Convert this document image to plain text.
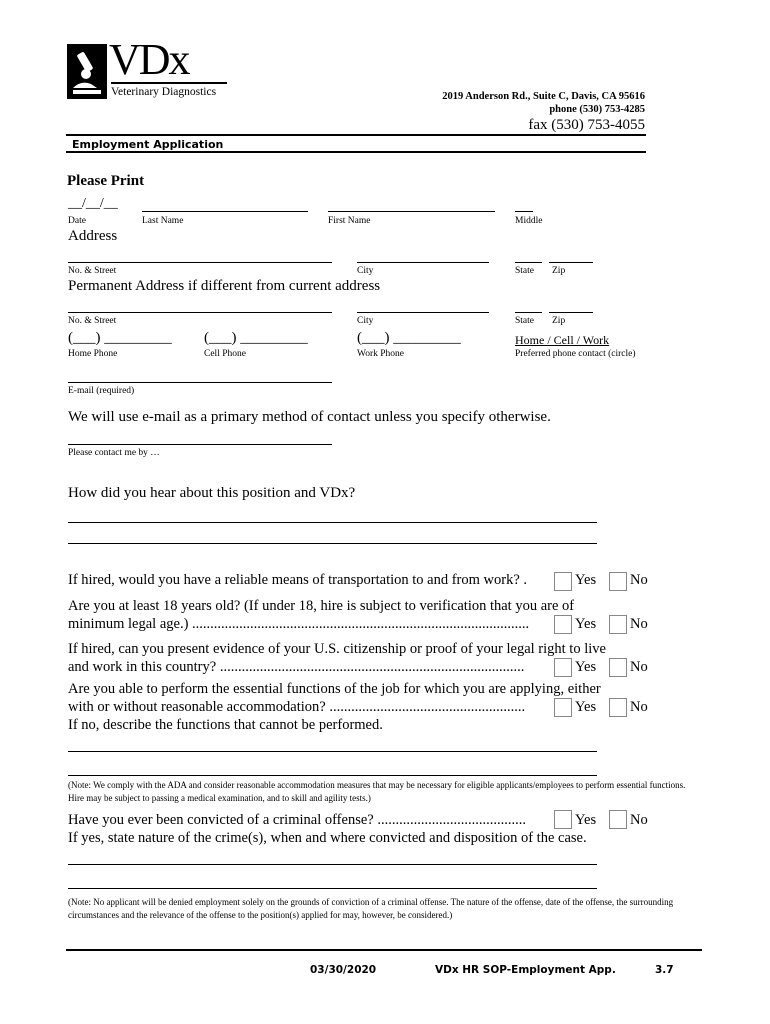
VDx
Veterinary Diagnostics	2019 Anderson Rd., Suite C, Davis, CA 95616
phone (530) 753-4285
fax (530) 753-4055
Employment Application
Please Print
__/__/__
Date	Last Name	First Name	Middle
Address
No. & Street	City	State Zip
Permanent Address if different from current address
No. & Street	City	State Zip
(___) _________ (___) _________	(___) _________	Home / Cell / Work
Home Phone	Cell Phone	Work Phone	Preferred phone contact (circle)
E-mail (required)
We will use e-mail as a primary method of contact unless you specify otherwise.
Please contact me by …
How did you hear about this position and VDx?
If hired, would you have a reliable means of transportation to and from work? .	Yes No
Are you at least 18 years old? (If under 18, hire is subject to verification that you are of
minimum legal age.) .............................................................................................	Yes No
If hired, can you present evidence of your U.S. citizenship or proof of your legal right to live
and work in this country? ....................................................................................	Yes No
Are you able to perform the essential functions of the job for which you are applying, either
with or without reasonable accommodation? ......................................................	Yes No
If no, describe the functions that cannot be performed.
(Note: We comply with the ADA and consider reasonable accommodation measures that may be necessary for eligible applicants/employees to perform essential functions. Hire may be subject to passing a medical examination, and to skill and agility tests.)
Have you ever been convicted of a criminal offense? .........................................	Yes No
If yes, state nature of the crime(s), when and where convicted and disposition of the case.
(Note: No applicant will be denied employment solely on the grounds of conviction of a criminal offense. The nature of the offense, date of the offense, the surrounding circumstances and the relevance of the offense to the position(s) applied for may, however, be considered.)
03/30/2020	VDx HR SOP-Employment App.	3.7
